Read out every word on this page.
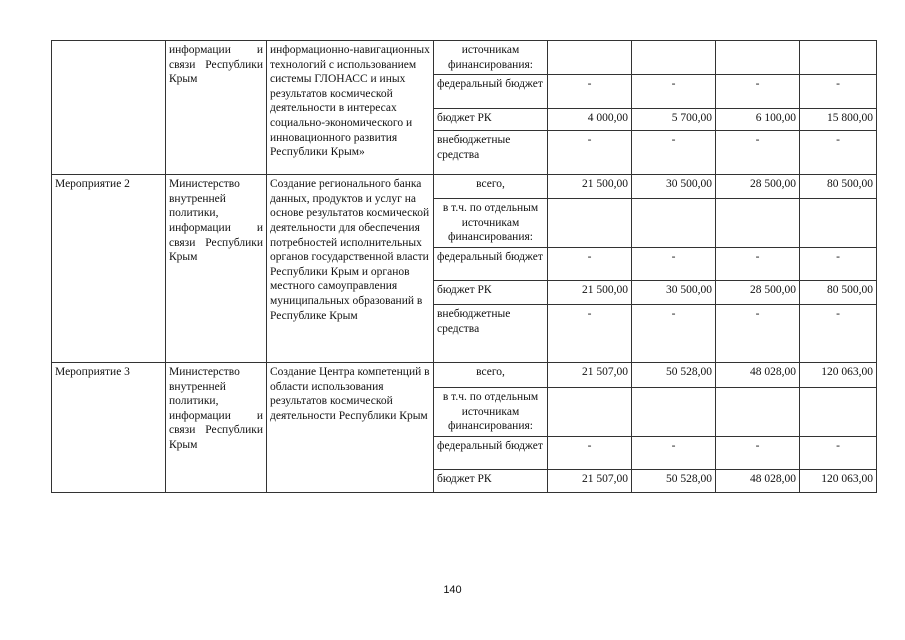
	информации и связи Республики Крым	информационно-навигационных технологий с использованием системы ГЛОНАСС и иных результатов космической деятельности в интересах социально-экономического и инновационного развития Республики Крым»	источникам финансирования:				
			федеральный бюджет	-	-	-	-
			бюджет РК	4 000,00	5 700,00	6 100,00	15 800,00
			внебюджетные средства	-	-	-	-
Мероприятие 2	Министерство внутренней политики, информации и связи Республики Крым	Создание регионального банка данных, продуктов и услуг на основе результатов космической деятельности для обеспечения потребностей исполнительных органов государственной власти Республики Крым и органов местного самоуправления муниципальных образований в Республике Крым	всего,	21 500,00	30 500,00	28 500,00	80 500,00
			в т.ч. по отдельным источникам финансирования:				
			федеральный бюджет	-	-	-	-
			бюджет РК	21 500,00	30 500,00	28 500,00	80 500,00
			внебюджетные средства	-	-	-	-
Мероприятие 3	Министерство внутренней политики, информации и связи Республики Крым	Создание Центра компетенций в области использования результатов космической деятельности Республики Крым	всего,	21 507,00	50 528,00	48 028,00	120 063,00
			в т.ч. по отдельным источникам финансирования:				
			федеральный бюджет	-	-	-	-
			бюджет РК	21 507,00	50 528,00	48 028,00	120 063,00
140
